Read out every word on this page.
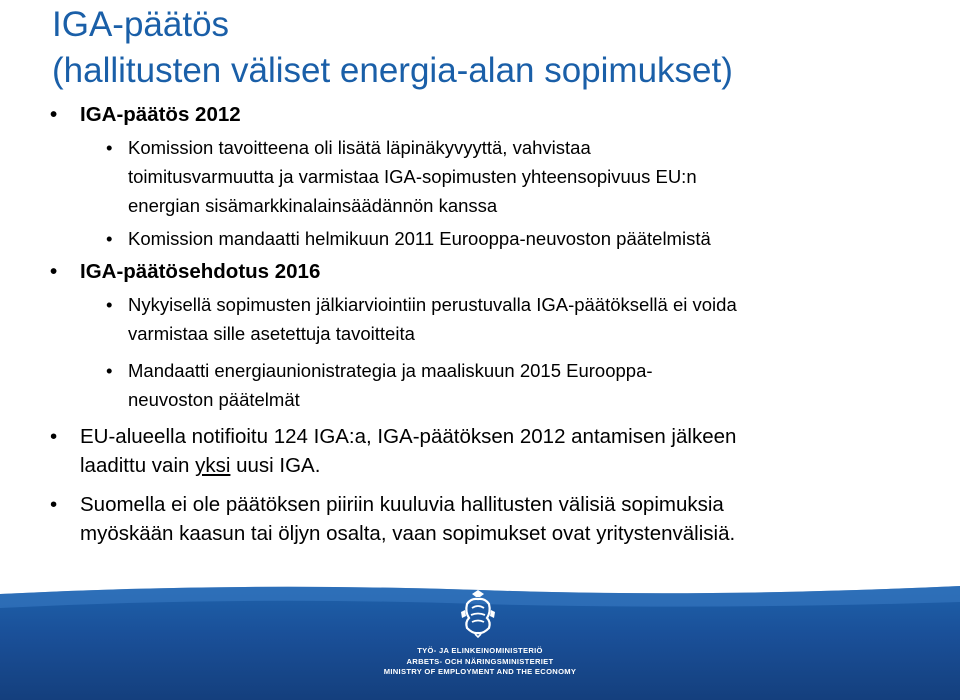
IGA-päätös
(hallitusten väliset energia-alan sopimukset)
• IGA-päätös 2012
• Komission tavoitteena oli lisätä läpinäkyvyyttä, vahvistaa
toimitusvarmuutta ja varmistaa IGA-sopimusten yhteensopivuus EU:n
energian sisämarkkinalainsäädännön kanssa
• Komission mandaatti helmikuun 2011 Eurooppa-neuvoston päätelmistä
• IGA-päätösehdotus 2016
• Nykyisellä sopimusten jälkiarviointiin perustuvalla IGA-päätöksellä ei voida
varmistaa sille asetettuja tavoitteita
• Mandaatti energiaunionistrategia ja maaliskuun 2015 Eurooppa-
neuvoston päätelmät
• EU-alueella notifioitu 124 IGA:a, IGA-päätöksen 2012 antamisen jälkeen
laadittu vain yksi uusi IGA.
• Suomella ei ole päätöksen piiriin kuuluvia hallitusten välisiä sopimuksia
myöskään kaasun tai öljyn osalta, vaan sopimukset ovat yritystenvälisiä.
TYÖ- JA ELINKEINOMINISTERIÖ
ARBETS- OCH NÄRINGSMINISTERIET
MINISTRY OF EMPLOYMENT AND THE ECONOMY
